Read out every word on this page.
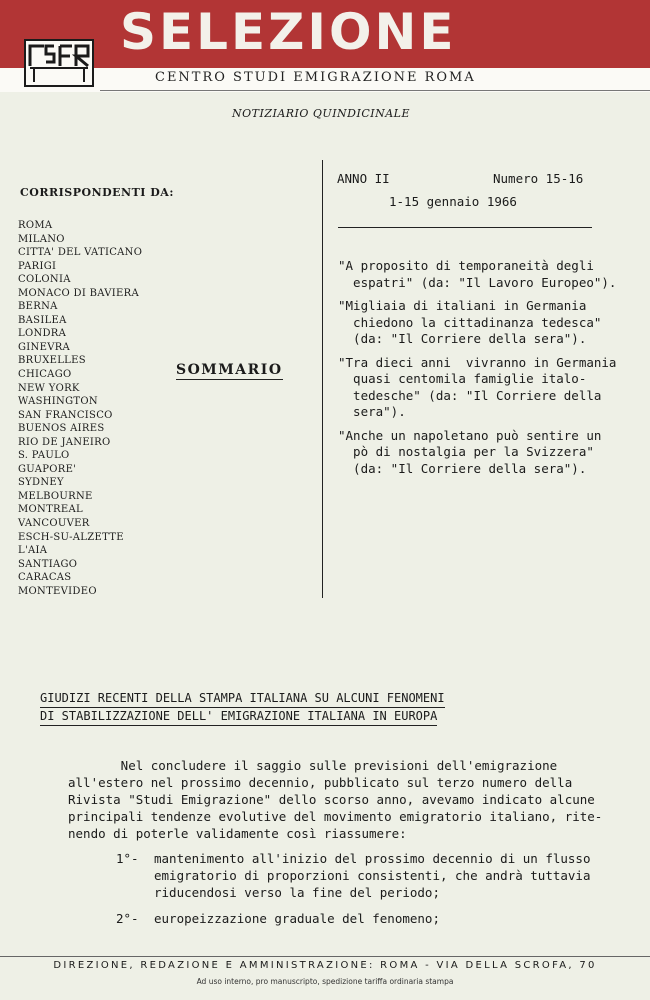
SELEZIONE
CENTRO STUDI EMIGRAZIONE ROMA
NOTIZIARIO QUINDICINALE
CORRISPONDENTI DA:
ROMA
MILANO
CITTA' DEL VATICANO
PARIGI
COLONIA
MONACO DI BAVIERA
BERNA
BASILEA
LONDRA
GINEVRA
BRUXELLES
CHICAGO
NEW YORK
WASHINGTON
SAN FRANCISCO
BUENOS AIRES
RIO DE JANEIRO
S. PAULO
GUAPORE'
SYDNEY
MELBOURNE
MONTREAL
VANCOUVER
ESCH-SU-ALZETTE
L'AIA
SANTIAGO
CARACAS
MONTEVIDEO
SOMMARIO
ANNO II	Numero 15-16
1-15 gennaio 1966
"A proposito di temporaneità degli
espatri" (da: "Il Lavoro Europeo").
"Migliaia di italiani in Germania
chiedono la cittadinanza tedesca"
(da: "Il Corriere della sera").
"Tra dieci anni  vivranno in Germania
quasi centomila famiglie italo-
tedesche" (da: "Il Corriere della
sera").
"Anche un napoletano può sentire un
pò di nostalgia per la Svizzera"
(da: "Il Corriere della sera").
GIUDIZI RECENTI DELLA STAMPA ITALIANA SU ALCUNI FENOMENI
DI STABILIZZAZIONE DELL' EMIGRAZIONE ITALIANA IN EUROPA
Nel concludere il saggio sulle previsioni dell'emigrazione
all'estero nel prossimo decennio, pubblicato sul terzo numero della
Rivista "Studi Emigrazione" dello scorso anno, avevamo indicato alcune
principali tendenze evolutive del movimento emigratorio italiano, rite-
nendo di poterle validamente così riassumere:
1°- mantenimento all'inizio del prossimo decennio di un flusso
emigratorio di proporzioni consistenti, che andrà tuttavia
riducendosi verso la fine del periodo;
2°- europeizzazione graduale del fenomeno;
DIREZIONE, REDAZIONE E AMMINISTRAZIONE: ROMA - VIA DELLA SCROFA, 70
Ad uso interno, pro manuscripto, spedizione tariffa ordinaria stampa
